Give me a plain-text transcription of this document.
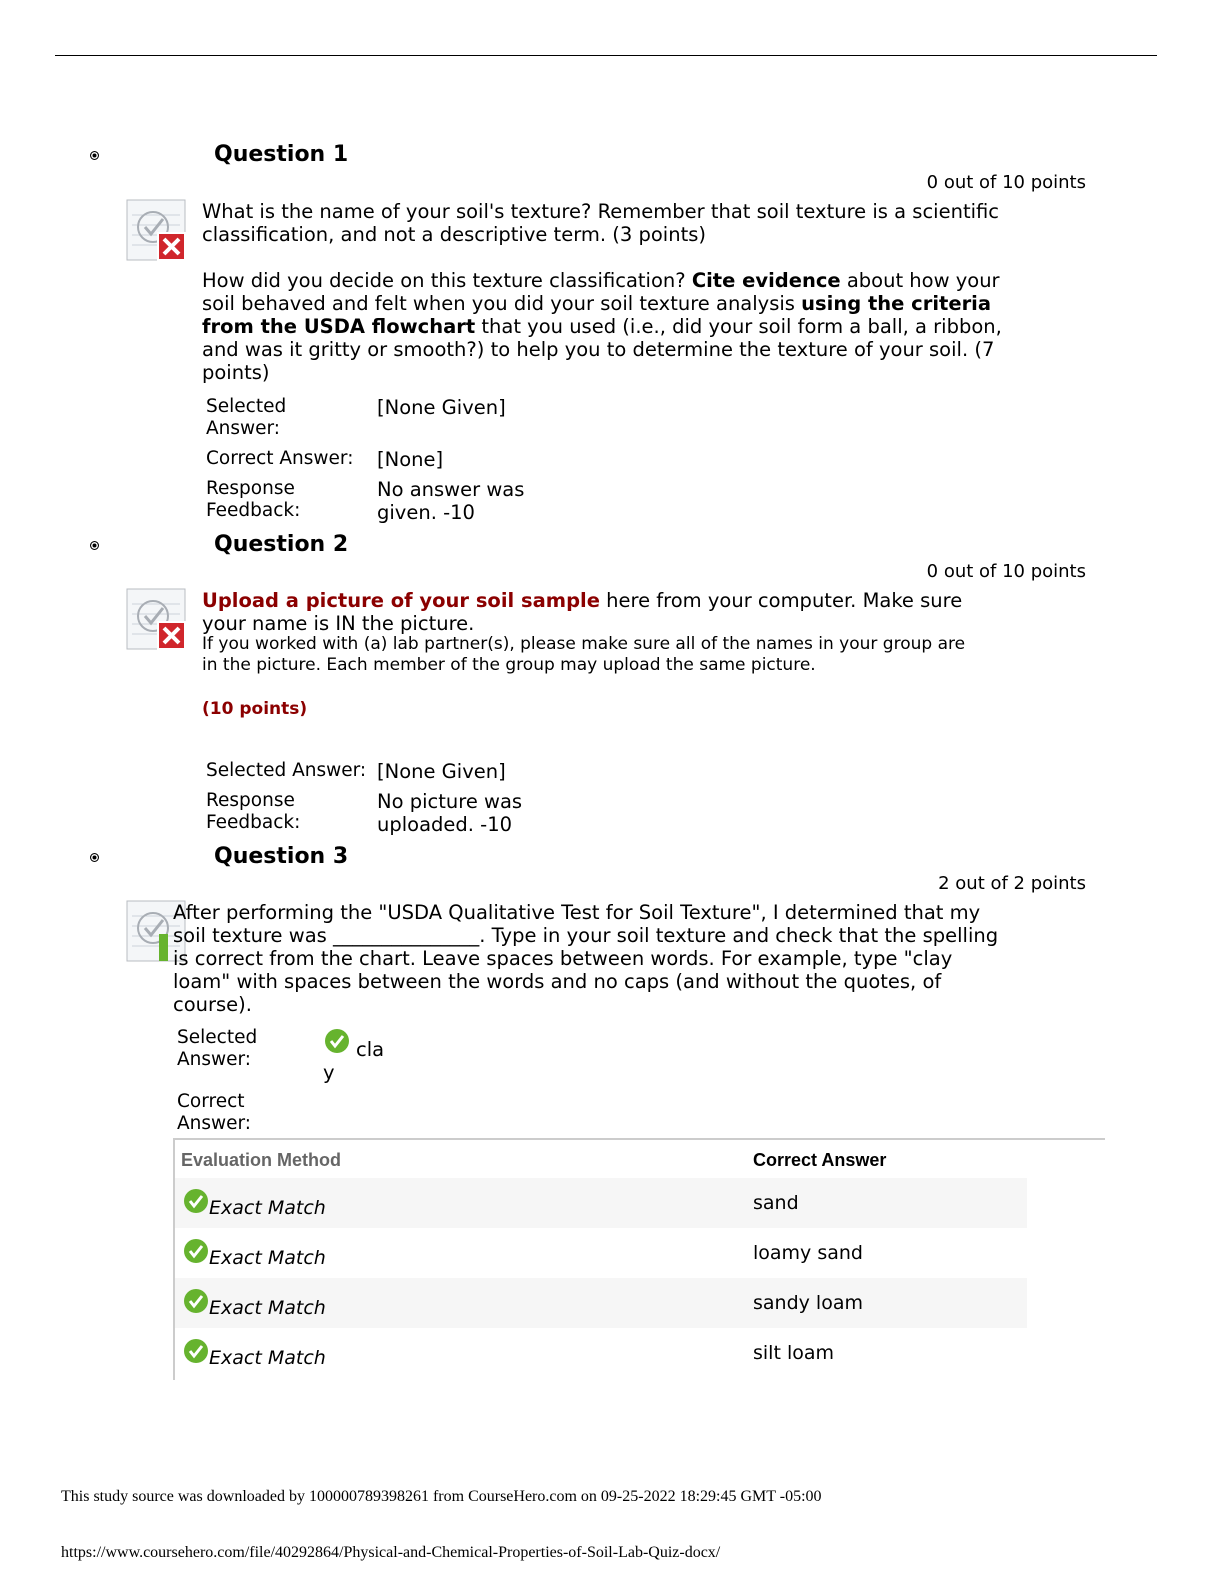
Question 1
0 out of 10 points
What is the name of your soil's texture? Remember that soil texture is a scientific
classification, and not a descriptive term. (3 points)
How did you decide on this texture classification? Cite evidence about how your
soil behaved and felt when you did your soil texture analysis using the criteria
from the USDA flowchart that you used (i.e., did your soil form a ball, a ribbon,
and was it gritty or smooth?) to help you to determine the texture of your soil. (7
points)
Selected
Answer:
[None Given]
Correct Answer: [None]
Response
Feedback:
No answer was
given. -10
Question 2
0 out of 10 points
Upload a picture of your soil sample here from your computer. Make sure
your name is IN the picture.
If you worked with (a) lab partner(s), please make sure all of the names in your group are
in the picture. Each member of the group may upload the same picture.
(10 points)
Selected Answer: [None Given]
Response
Feedback:
No picture was
uploaded. -10
Question 3
2 out of 2 points
After performing the "USDA Qualitative Test for Soil Texture", I determined that my
soil texture was _______________. Type in your soil texture and check that the spelling
is correct from the chart. Leave spaces between words. For example, type "clay
loam" with spaces between the words and no caps (and without the quotes, of
course).
Selected
Answer:	cla
y
Correct
Answer:
Evaluation Method	Correct Answer
Exact Match	sand
Exact Match	loamy sand
Exact Match	sandy loam
Exact Match	silt loam
This study source was downloaded by 100000789398261 from CourseHero.com on 09-25-2022 18:29:45 GMT -05:00
https://www.coursehero.com/file/40292864/Physical-and-Chemical-Properties-of-Soil-Lab-Quiz-docx/
